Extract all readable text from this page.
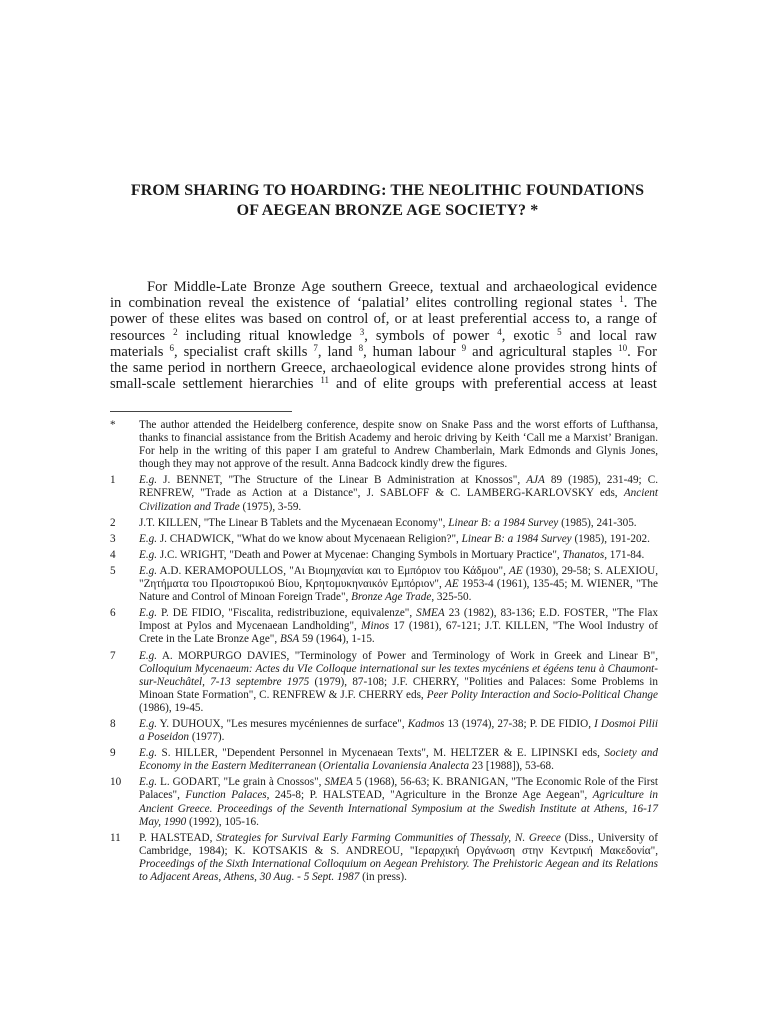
FROM SHARING TO HOARDING: THE NEOLITHIC FOUNDATIONS
OF AEGEAN BRONZE AGE SOCIETY? *
For Middle-Late Bronze Age southern Greece, textual and archaeological evidence
in combination reveal the existence of ‘palatial’ elites controlling regional states $^1$. The
power of these elites was based on control of, or at least preferential access to, a range of
resources $^2$ including ritual knowledge $^3$, symbols of power $^4$, exotic $^5$ and local raw
materials $^6$, specialist craft skills $^7$, land $^8$, human labour $^9$ and agricultural staples $^{10}$. For
the same period in northern Greece, archaeological evidence alone provides strong hints of
small-scale settlement hierarchies $^{11}$ and of elite groups with preferential access at least
*	The author attended the Heidelberg conference, despite snow on Snake Pass and the worst efforts of Lufthansa, thanks to financial assistance from the British Academy and heroic driving by Keith ‘Call me a Marxist’ Branigan. For help in the writing of this paper I am grateful to Andrew Chamberlain, Mark Edmonds and Glynis Jones, though they may not approve of the result. Anna Badcock kindly drew the figures.
1	E.g. J. BENNET, "The Structure of the Linear B Administration at Knossos", AJA 89 (1985), 231-49; C. RENFREW, "Trade as Action at a Distance", J. SABLOFF & C. LAMBERG-KARLOVSKY eds, Ancient Civilization and Trade (1975), 3-59.
2	J.T. KILLEN, "The Linear B Tablets and the Mycenaean Economy", Linear B: a 1984 Survey (1985), 241-305.
3	E.g. J. CHADWICK, "What do we know about Mycenaean Religion?", Linear B: a 1984 Survey (1985), 191-202.
4	E.g. J.C. WRIGHT, "Death and Power at Mycenae: Changing Symbols in Mortuary Practice", Thanatos, 171-84.
5	E.g. A.D. KERAMOPOULLOS, "Αι Βιομηχανίαι και το Εμπόριον του Κάδμου", AE (1930), 29-58; S. ALEXIOU, "Ζητήματα του Προιστορικού Βίου, Κρητομυκηναικόν Εμπόριον", AE 1953-4 (1961), 135-45; M. WIENER, "The Nature and Control of Minoan Foreign Trade", Bronze Age Trade, 325-50.
6	E.g. P. DE FIDIO, "Fiscalita, redistribuzione, equivalenze", SMEA 23 (1982), 83-136; E.D. FOSTER, "The Flax Impost at Pylos and Mycenaean Landholding", Minos 17 (1981), 67-121; J.T. KILLEN, "The Wool Industry of Crete in the Late Bronze Age", BSA 59 (1964), 1-15.
7	E.g. A. MORPURGO DAVIES, "Terminology of Power and Terminology of Work in Greek and Linear B", Colloquium Mycenaeum: Actes du VIe Colloque international sur les textes mycéniens et égéens tenu à Chaumont-sur-Neuchâtel, 7-13 septembre 1975 (1979), 87-108; J.F. CHERRY, "Polities and Palaces: Some Problems in Minoan State Formation", C. RENFREW & J.F. CHERRY eds, Peer Polity Interaction and Socio-Political Change (1986), 19-45.
8	E.g. Y. DUHOUX, "Les mesures mycéniennes de surface", Kadmos 13 (1974), 27-38; P. DE FIDIO, I Dosmoi Pilii a Poseidon (1977).
9	E.g. S. HILLER, "Dependent Personnel in Mycenaean Texts", M. HELTZER & E. LIPINSKI eds, Society and Economy in the Eastern Mediterranean (Orientalia Lovaniensia Analecta 23 [1988]), 53-68.
10	E.g. L. GODART, "Le grain à Cnossos", SMEA 5 (1968), 56-63; K. BRANIGAN, "The Economic Role of the First Palaces", Function Palaces, 245-8; P. HALSTEAD, "Agriculture in the Bronze Age Aegean", Agriculture in Ancient Greece. Proceedings of the Seventh International Symposium at the Swedish Institute at Athens, 16-17 May, 1990 (1992), 105-16.
11	P. HALSTEAD, Strategies for Survival Early Farming Communities of Thessaly, N. Greece (Diss., University of Cambridge, 1984); K. KOTSAKIS & S. ANDREOU, "Ιεραρχική Οργάνωση στην Κεντρική Μακεδονία", Proceedings of the Sixth International Colloquium on Aegean Prehistory. The Prehistoric Aegean and its Relations to Adjacent Areas, Athens, 30 Aug. - 5 Sept. 1987 (in press).
